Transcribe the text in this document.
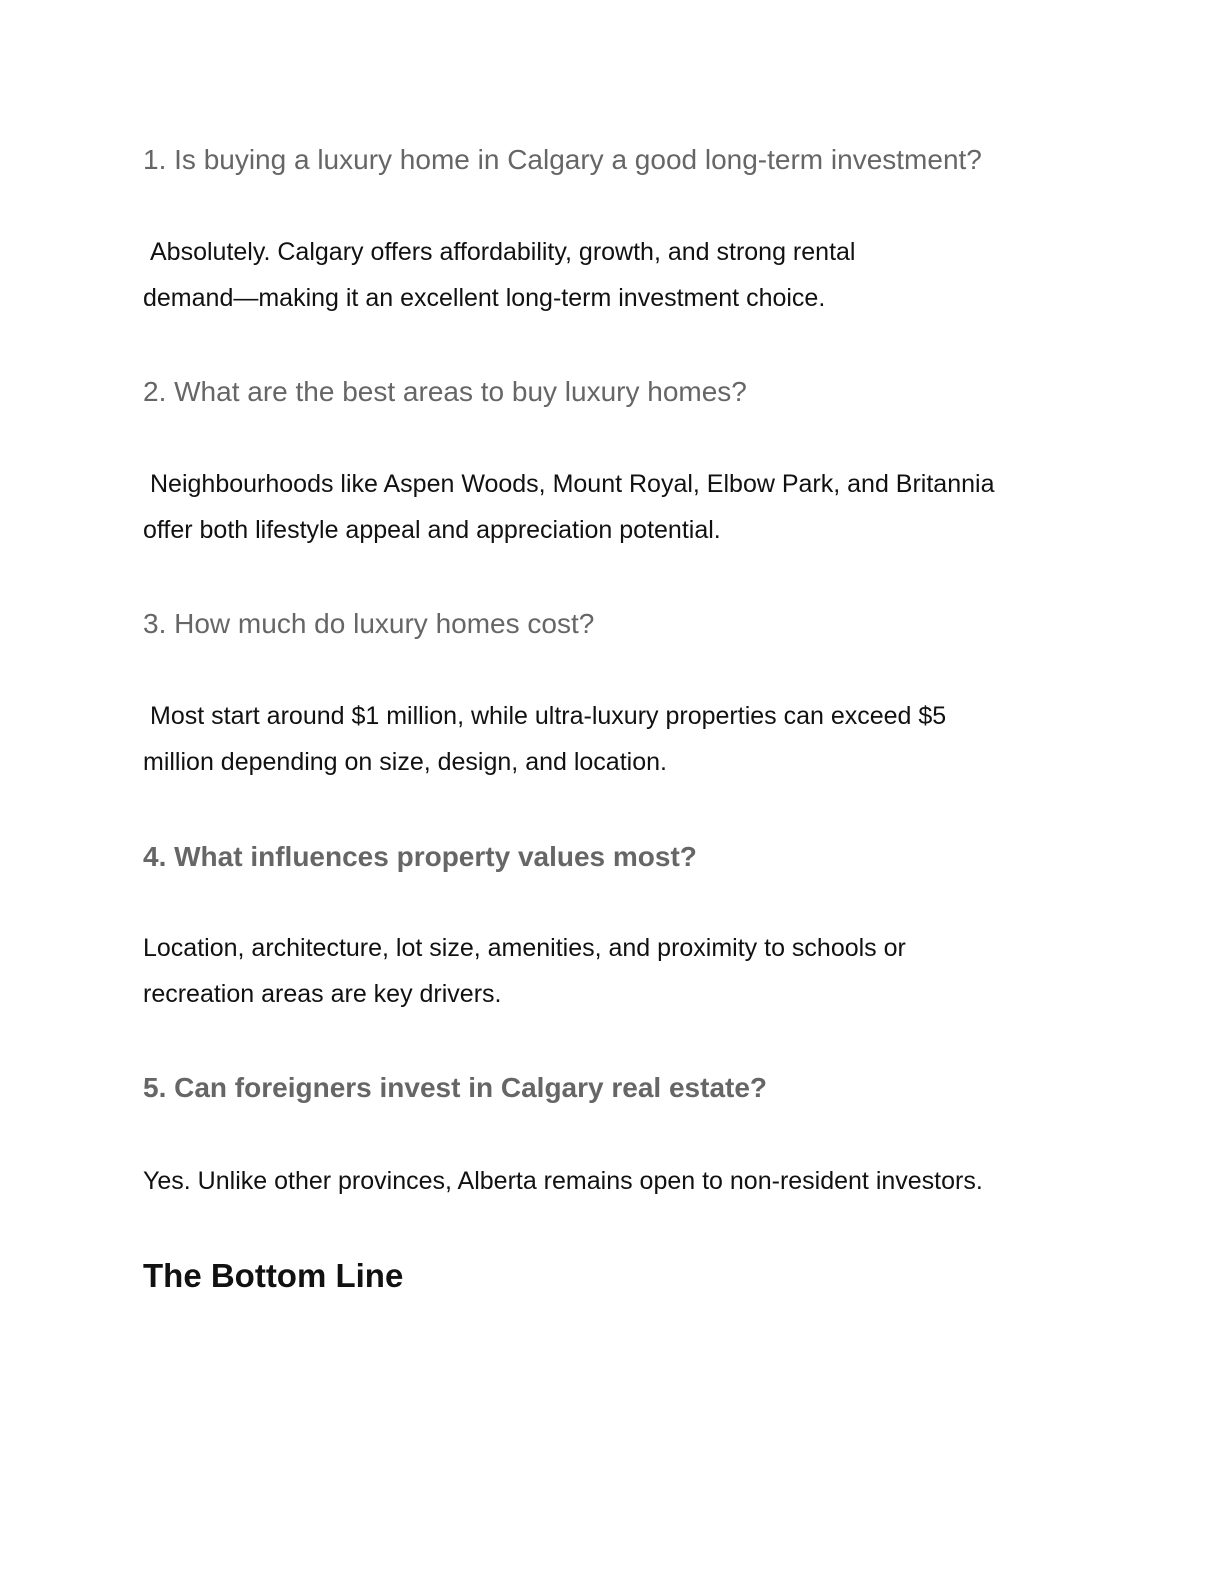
1. Is buying a luxury home in Calgary a good long-term investment?

Absolutely. Calgary offers affordability, growth, and strong rental
demand—making it an excellent long-term investment choice.

2. What are the best areas to buy luxury homes?

Neighbourhoods like Aspen Woods, Mount Royal, Elbow Park, and Britannia
offer both lifestyle appeal and appreciation potential.

3. How much do luxury homes cost?

Most start around $1 million, while ultra-luxury properties can exceed $5
million depending on size, design, and location.

4. What influences property values most?

Location, architecture, lot size, amenities, and proximity to schools or
recreation areas are key drivers.

5. Can foreigners invest in Calgary real estate?

Yes. Unlike other provinces, Alberta remains open to non-resident investors.

The Bottom Line
